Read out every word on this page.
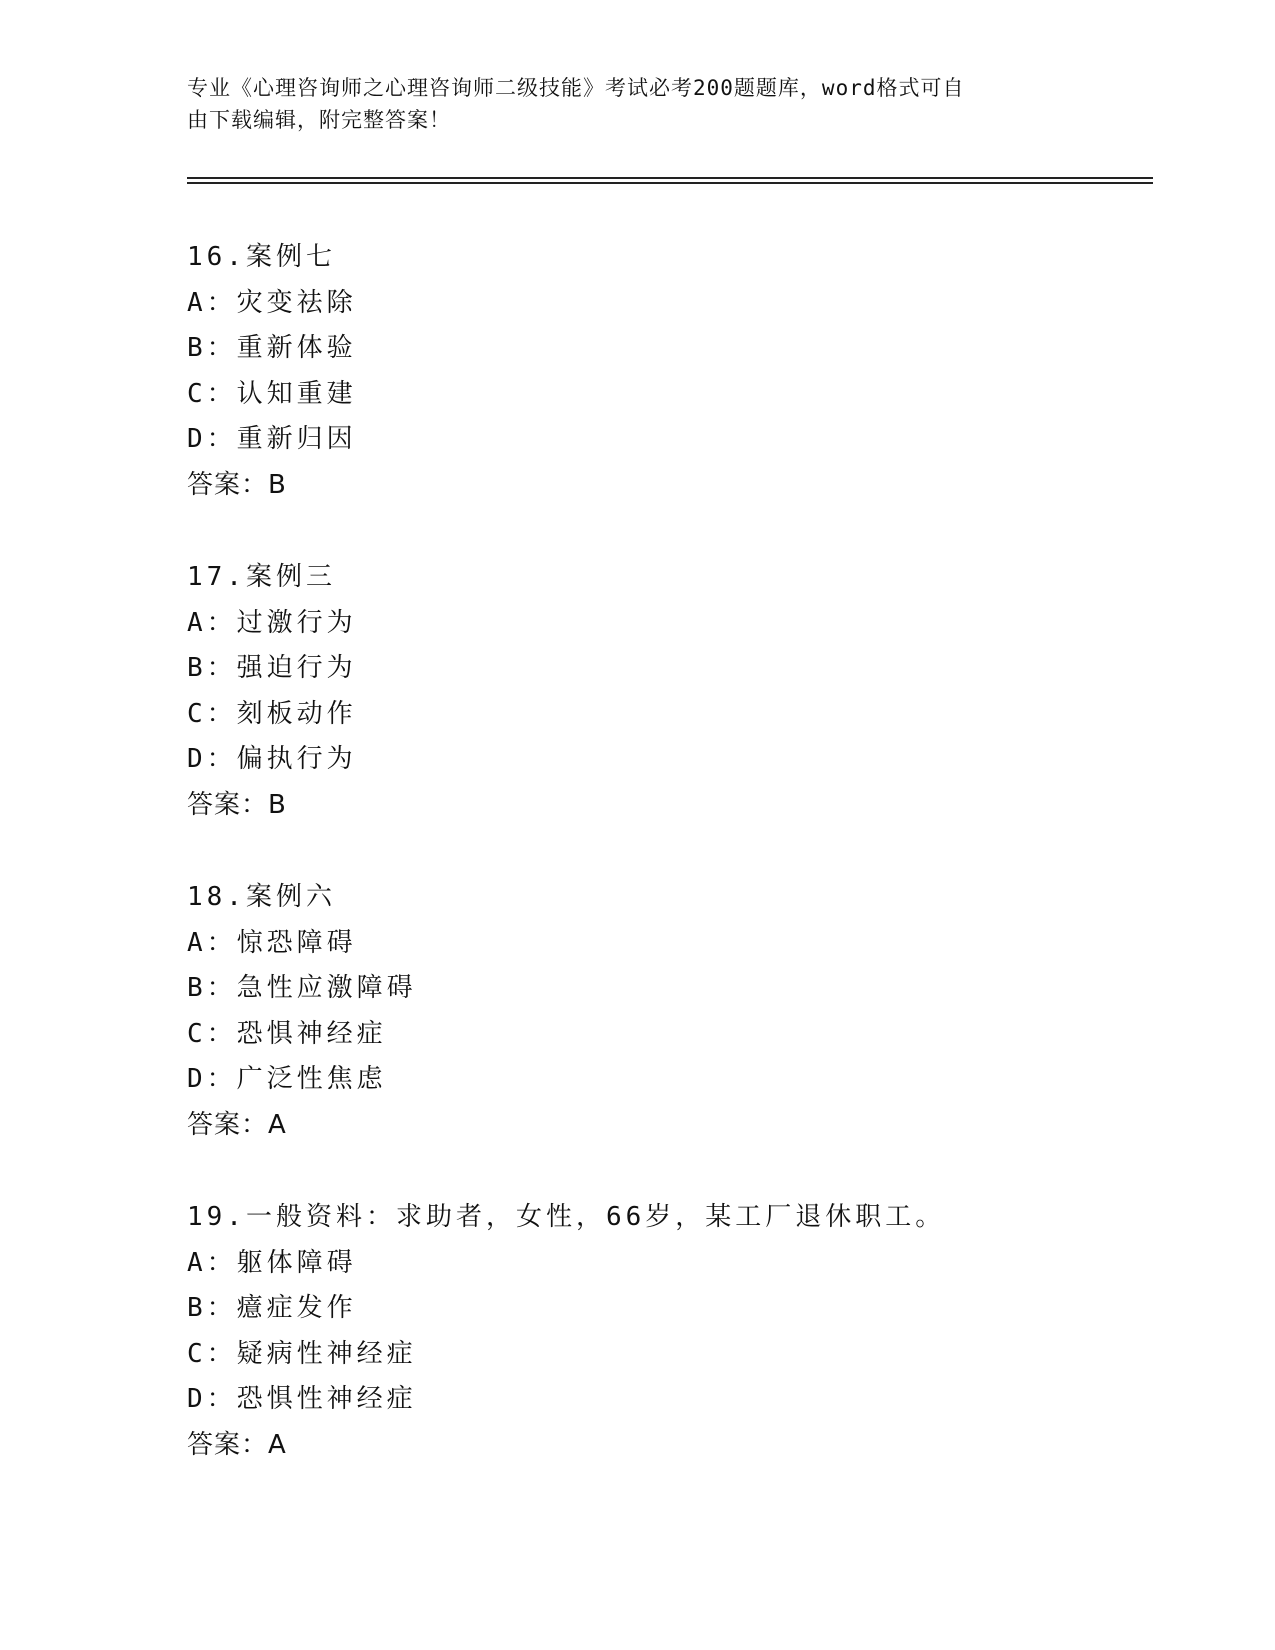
专业《心理咨询师之心理咨询师二级技能》考试必考200题题库，word格式可自
由下载编辑，附完整答案！
16.案例七
A：灾变祛除
B：重新体验
C：认知重建
D：重新归因
答案：B
17.案例三
A：过激行为
B：强迫行为
C：刻板动作
D：偏执行为
答案：B
18.案例六
A：惊恐障碍
B：急性应激障碍
C：恐惧神经症
D：广泛性焦虑
答案：A
19.一般资料：求助者，女性，66岁，某工厂退休职工。
A：躯体障碍
B：癔症发作
C：疑病性神经症
D：恐惧性神经症
答案：A
